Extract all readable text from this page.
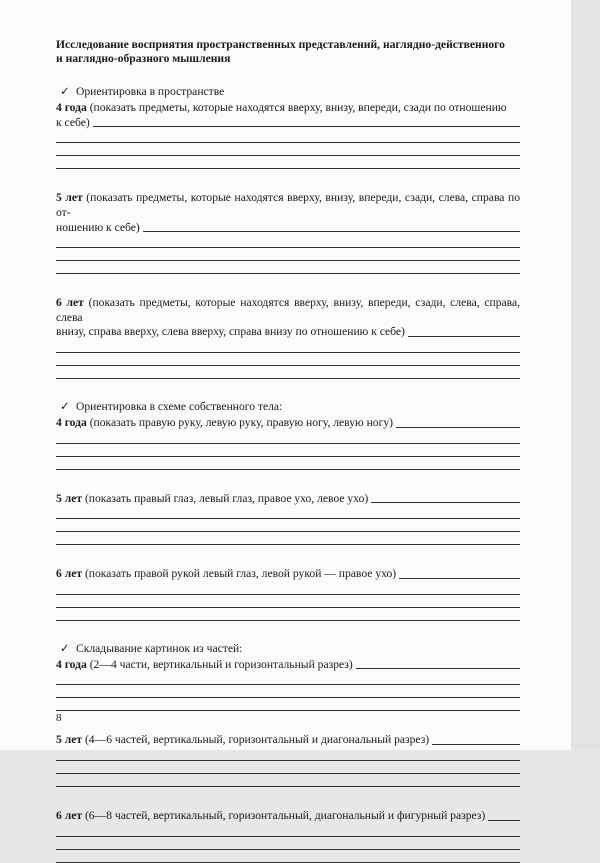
Исследование восприятия пространственных представлений, наглядно-действенного
и наглядно-образного мышления
✓ Ориентировка в пространстве
4 года (показать предметы, которые находятся вверху, внизу, впереди, сзади по отношению
к себе)
5 лет (показать предметы, которые находятся вверху, внизу, впереди, сзади, слева, справа по от-
ношению к себе)
6 лет (показать предметы, которые находятся вверху, внизу, впереди, сзади, слева, справа, слева
внизу, справа вверху, слева вверху, справа внизу по отношению к себе)
✓ Ориентировка в схеме собственного тела:
4 года (показать правую руку, левую руку, правую ногу, левую ногу)
5 лет (показать правый глаз, левый глаз, правое ухо, левое ухо)
6 лет (показать правой рукой левый глаз, левой рукой — правое ухо)
✓ Складывание картинок из частей:
4 года (2—4 части, вертикальный и горизонтальный разрез)
5 лет (4—6 частей, вертикальный, горизонтальный и диагональный разрез)
6 лет (6—8 частей, вертикальный, горизонтальный, диагональный и фигурный разрез)
8
